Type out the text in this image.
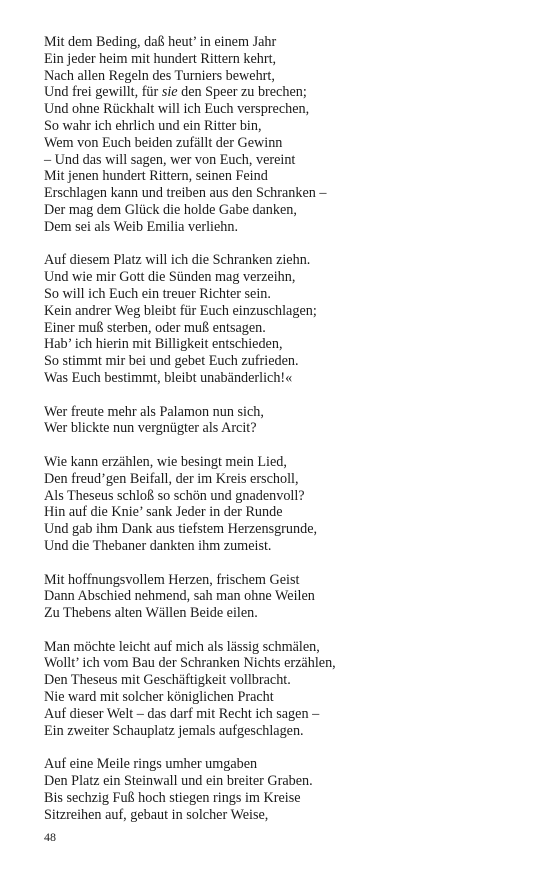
Mit dem Beding, daß heut’ in einem Jahr
Ein jeder heim mit hundert Rittern kehrt,
Nach allen Regeln des Turniers bewehrt,
Und frei gewillt, für sie den Speer zu brechen;
Und ohne Rückhalt will ich Euch versprechen,
So wahr ich ehrlich und ein Ritter bin,
Wem von Euch beiden zufällt der Gewinn
– Und das will sagen, wer von Euch, vereint
Mit jenen hundert Rittern, seinen Feind
Erschlagen kann und treiben aus den Schranken –
Der mag dem Glück die holde Gabe danken,
Dem sei als Weib Emilia verliehn.
Auf diesem Platz will ich die Schranken ziehn.
Und wie mir Gott die Sünden mag verzeihn,
So will ich Euch ein treuer Richter sein.
Kein andrer Weg bleibt für Euch einzuschlagen;
Einer muß sterben, oder muß entsagen.
Hab’ ich hierin mit Billigkeit entschieden,
So stimmt mir bei und gebet Euch zufrieden.
Was Euch bestimmt, bleibt unabänderlich!«
Wer freute mehr als Palamon nun sich,
Wer blickte nun vergnügter als Arcit?
Wie kann erzählen, wie besingt mein Lied,
Den freud’gen Beifall, der im Kreis erscholl,
Als Theseus schloß so schön und gnadenvoll?
Hin auf die Knie’ sank Jeder in der Runde
Und gab ihm Dank aus tiefstem Herzensgrunde,
Und die Thebaner dankten ihm zumeist.
Mit hoffnungsvollem Herzen, frischem Geist
Dann Abschied nehmend, sah man ohne Weilen
Zu Thebens alten Wällen Beide eilen.
Man möchte leicht auf mich als lässig schmälen,
Wollt’ ich vom Bau der Schranken Nichts erzählen,
Den Theseus mit Geschäftigkeit vollbracht.
Nie ward mit solcher königlichen Pracht
Auf dieser Welt – das darf mit Recht ich sagen –
Ein zweiter Schauplatz jemals aufgeschlagen.
Auf eine Meile rings umher umgaben
Den Platz ein Steinwall und ein breiter Graben.
Bis sechzig Fuß hoch stiegen rings im Kreise
Sitzreihen auf, gebaut in solcher Weise,
48
